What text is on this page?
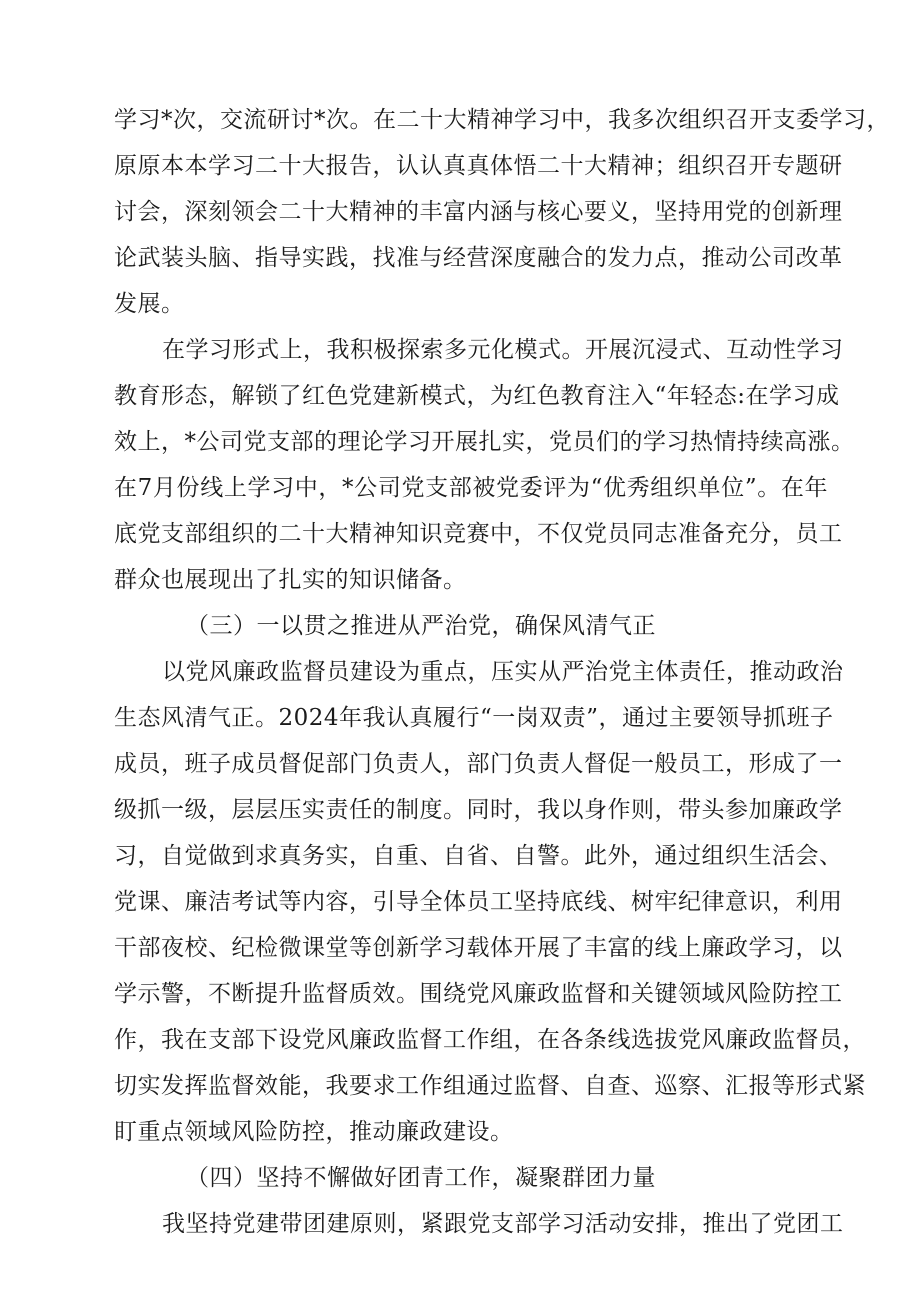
学习*次，交流研讨*次。在二十大精神学习中，我多次组织召开支委学习，
原原本本学习二十大报告，认认真真体悟二十大精神；组织召开专题研
讨会，深刻领会二十大精神的丰富内涵与核心要义，坚持用党的创新理
论武装头脑、指导实践，找准与经营深度融合的发力点，推动公司改革
发展。
在学习形式上，我积极探索多元化模式。开展沉浸式、互动性学习
教育形态，解锁了红色党建新模式，为红色教育注入“年轻态:在学习成
效上，*公司党支部的理论学习开展扎实，党员们的学习热情持续高涨。
在7月份线上学习中，*公司党支部被党委评为“优秀组织单位”。在年
底党支部组织的二十大精神知识竞赛中，不仅党员同志准备充分，员工
群众也展现出了扎实的知识储备。
（三）一以贯之推进从严治党，确保风清气正
以党风廉政监督员建设为重点，压实从严治党主体责任，推动政治
生态风清气正。2024年我认真履行“一岗双责”，通过主要领导抓班子
成员，班子成员督促部门负责人，部门负责人督促一般员工，形成了一
级抓一级，层层压实责任的制度。同时，我以身作则，带头参加廉政学
习，自觉做到求真务实，自重、自省、自警。此外，通过组织生活会、
党课、廉洁考试等内容，引导全体员工坚持底线、树牢纪律意识，利用
干部夜校、纪检微课堂等创新学习载体开展了丰富的线上廉政学习，以
学示警，不断提升监督质效。围绕党风廉政监督和关键领域风险防控工
作，我在支部下设党风廉政监督工作组，在各条线选拔党风廉政监督员，
切实发挥监督效能，我要求工作组通过监督、自查、巡察、汇报等形式紧
盯重点领域风险防控，推动廉政建设。
（四）坚持不懈做好团青工作，凝聚群团力量
我坚持党建带团建原则，紧跟党支部学习活动安排，推出了党团工
